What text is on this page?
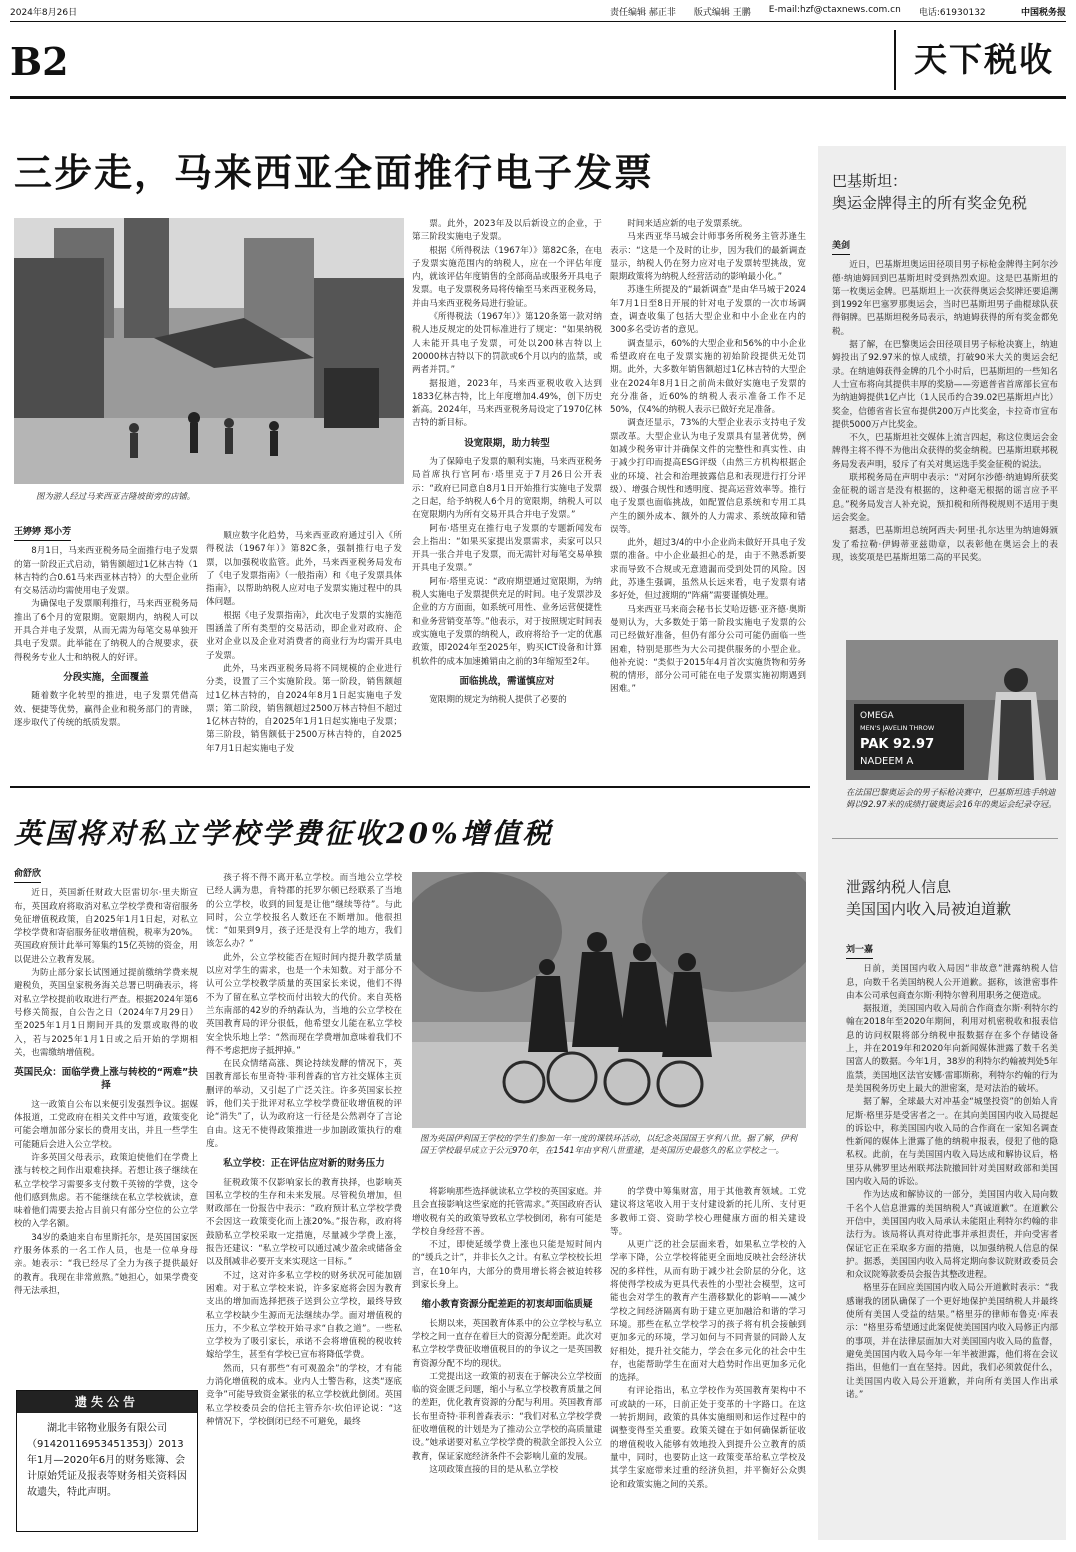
2024年8月26日	责任编辑 郝正非 版式编辑 王鹏 E-mail:hzf@ctaxnews.com.cn 电话:61930132	中国税务报
B2	天下税收
三步走，马来西亚全面推行电子发票
图为游人经过马来西亚吉隆坡街旁的店铺。
王婷婷 郑小芳

8月1日，马来西亚税务局全面推行电子发票的第一阶段正式启动，销售额超过1亿林吉特（1林吉特约合0.61马来西亚林吉特）的大型企业所有交易活动均需使用电子发票。

为确保电子发票顺利推行，马来西亚税务局推出了6个月的宽限期。宽限期内，纳税人可以开具合并电子发票，从而无需为每笔交易单独开具电子发票。此举能在了纳税人的合规要求，获得税务专业人士和纳税人的好评。

分段实施，全面覆盖

随着数字化转型的推进，电子发票凭借高效、便捷等优势，赢得企业和税务部门的青睐，逐步取代了传统的纸质发票。

顺应数字化趋势，马来西亚政府通过引入《所得税法（1967年）》第82C条，强制推行电子发票，以加强税收监管。此外，马来西亚税务局发布了《电子发票指南》（一般指南）和《电子发票具体指南》，以帮助纳税人应对电子发票实施过程中的具体问题。

根据《电子发票指南》，此次电子发票的实施范围涵盖了所有类型的交易活动，即企业对政府、企业对企业以及企业对消费者的商业行为均需开具电子发票。

此外，马来西亚税务局将不同规模的企业进行分类，设置了三个实施阶段。第一阶段，销售额超过1亿林吉特的，自2024年8月1日起实施电子发票；第二阶段，销售额超过2500万林吉特但不超过1亿林吉特的，自2025年1月1日起实施电子发票；第三阶段，销售额低于2500万林吉特的，自2025年7月1日起实施电子发

票。此外，2023年及以后新设立的企业，于第三阶段实施电子发票。

根据《所得税法（1967年）》第82C条，在电子发票实施范围内的纳税人，应在一个评估年度内，就该评估年度销售的全部商品或服务开具电子发票。电子发票税务局将传输至马来西亚税务局，并由马来西亚税务局进行验证。

《所得税法（1967年）》第120条第一款对纳税人违反规定的处罚标准进行了规定：“如果纳税人未能开具电子发票，可处以200林吉特以上20000林吉特以下的罚款或6个月以内的监禁，或两者并罚。”

据报道，2023年，马来西亚税收收入达到1833亿林吉特，比上年度增加4.49%，创下历史新高。2024年，马来西亚税务局设定了1970亿林吉特的新目标。

设宽限期，助力转型

为了保障电子发票的顺利实施，马来西亚税务局首席执行官阿布·塔里克于7月26日公开表示：“政府已同意自8月1日开始推行实施电子发票之日起，给予纳税人6个月的宽限期，纳税人可以在宽限期内为所有交易开具合并电子发票。”

阿布·塔里克在推行电子发票的专题新闻发布会上指出：“如果买家提出发票需求，卖家可以只开具一张合并电子发票，而无需针对每笔交易单独开具电子发票。”

阿布·塔里克说：“政府期望通过宽限期，为纳税人实施电子发票提供充足的时间。电子发票涉及企业的方方面面，如系统可用性、业务运营便捷性和业务营销变革等。”他表示，对于按照规定时间表或实施电子发票的纳税人，政府将给予一定的优惠政策，即2024年至2025年，购买ICT设备和计算机软件的成本加速摊销由之前的3年缩短至2年。

面临挑战，需谨慎应对

宽限期的规定为纳税人提供了必要的

时间来适应新的电子发票系统。

马来西亚华马城会计师事务所税务主管苏逢生表示：“这是一个及时的让步，因为我们的最新调查显示，纳税人仍在努力应对电子发票转型挑战，宽限期政策将为纳税人经营活动的影响最小化。”

苏逢生所提及的“最新调查”是由华马城于2024年7月1日至8日开展的针对电子发票的一次市场调查，调查收集了包括大型企业和中小企业在内的300多名受访者的意见。

调查显示，60%的大型企业和56%的中小企业希望政府在电子发票实施的初始阶段提供无处罚期。此外，大多数年销售额超过1亿林吉特的大型企业在2024年8月1日之前尚未做好实施电子发票的充分准备，近60%的纳税人表示准备工作不足50%，仅4%的纳税人表示已做好充足准备。

调查还显示，73%的大型企业表示支持电子发票改革。大型企业认为电子发票具有显著优势，例如减少税务审计并确保文件的完整性和真实性、由于减少打印而提高ESG评级（由然三方机构根据企业的环境、社会和治理披露信息和表现进行打分评级）、增强合规性和透明度、提高运营效率等。推行电子发票也面临挑战，如配置信息系统和专用工具产生的额外成本、额外的人力需求、系统故障和错误等。

此外，超过3/4的中小企业尚未做好开具电子发票的准备。中小企业最担心的是，由于不熟悉新要求而导致不合规或无意遗漏而受到处罚的风险。因此，苏逢生强调，虽然从长远来看，电子发票有诸多好处，但过渡期的“阵痛”需要谨慎处理。

马来西亚马来商会秘书长艾哈迈德·亚齐德·奥斯曼则认为，大多数处于第一阶段实施电子发票的公司已经做好准备，但仍有部分公司可能仍面临一些困难，特别是那些为大公司提供服务的小型企业。他补充说：“类似于2015年4月首次实施货物和劳务税的情形，部分公司可能在电子发票实施初期遇到困难。”

英国将对私立学校学费征收20%增值税
俞舒欣

近日，英国新任财政大臣雷切尔·里夫斯宣布，英国政府将取消对私立学校学费和寄宿服务免征增值税政策，自2025年1月1日起，对私立学校学费和寄宿服务征收增值税，税率为20%。英国政府预计此举可筹集约15亿英镑的资金，用以促进公立教育发展。

为防止部分家长试图通过提前缴纳学费来规避税负，英国皇家税务海关总署已明确表示，将对私立学校提前收取进行严查。根据2024年第6号修关简报，自公告之日（2024年7月29日）至2025年1月1日期间开具的发票或取得的收入，若与2025年1月1日或之后开始的学期相关，也需缴纳增值税。

英国民众：面临学费上涨与转校的“两难”抉择

这一政策自公布以来便引发强烈争议。据媒体报道，工党政府在相关文件中写道，政策变化可能会增加部分家长的费用支出，并且一些学生可能随后会进入公立学校。

许多英国父母表示，政策迫使他们在学费上涨与转校之间作出艰难抉择。若想让孩子继续在私立学校学习需要多支付数千英镑的学费，这令他们感到焦虑。若不能继续在私立学校就读，意味着他们需要去抢占目前只有部分空位的公立学校的入学名额。

34岁的桑迪来自布里斯托尔，是英国国家医疗服务体系的一名工作人员，也是一位单身母亲。她表示：“我已经尽了全力为孩子提供最好的教育。我现在非常煎熬。”她担心，如果学费变得无法承担，

遗失公告
湖北丰铭物业服务有限公司（91420116953451353J）2013年1月—2020年6月的财务账簿、会计原始凭证及报表等财务相关资料因故遗失，特此声明。

孩子将不得不离开私立学校。而当地公立学校已经人满为患，肯特郡的托罗尔顿已经联系了当地的公立学校，收到的回复是让他“继续等待”。与此同时，公立学校报名人数还在不断增加。他很担忧：“如果到9月，孩子还是没有上学的地方，我们该怎么办？”

此外，公立学校能否在短时间内提升教学质量以应对学生的需求，也是一个未知数。对于部分不认可公立学校教学质量的英国家长来说，他们不得不为了留在私立学校而付出较大的代价。来自英格兰东南部的42岁的乔纳森认为，当地的公立学校在英国教育局的评分很低，他希望女儿能在私立学校安全快乐地上学：“然而现在学费增加意味着我们不得不考虑把房子抵押掉。”

在民众情绪高涨、舆论持续发酵的情况下，英国教育部长布里奇特·菲利普森的官方社交媒体主页删评的举动，又引起了广泛关注。许多英国家长控诉，他们关于批评对私立学校学费征收增值税的评论“消失”了，认为政府这一行径是公然剥夺了言论自由。这无不使得政策推进一步加剧政策执行的难度。

私立学校：正在评估应对新的财务压力

征税政策不仅影响家长的教育抉择，也影响英国私立学校的生存和未来发展。尽管税负增加，但财政部在一份报告中表示：“政府预计私立学校学费不会因这一政策变化而上涨20%。”报告称，政府将鼓励私立学校采取一定措施，尽量减少学费上涨，报告还建议：“私立学校可以通过减少盈余或储备金以及削减非必要开支来实现这一目标。”

不过，这对许多私立学校的财务状况可能加剧困难。对于私立学校来说，许多家庭将会因为教育支出的增加而选择把孩子送到公立学校，最终导致私立学校缺少生源而无法继续办学。面对增值税的压力，不少私立学校开始寻求“自救之道”。一些私立学校为了吸引家长，承诺不会将增值税的税收转嫁给学生，甚至有学校已宣布将降低学费。

然而，只有那些“有可观盈余”的学校，才有能力消化增值税的成本。业内人士警告称，这类“逐底竞争”可能导致资金紧张的私立学校就此倒闭。英国私立学校委员会的信托主管乔尔·坎伯评论说：“这种情况下，学校倒闭已经不可避免，最终

图为英国伊利国王学校的学生们参加一年一度的课铁环活动，以纪念英国国王亨利八世。据了解，伊利国王学校最早成立于公元970年，在1541年由亨利八世重建，是英国历史最悠久的私立学校之一。

将影响那些选择就读私立学校的英国家庭。并且会直接影响这些家庭的托管需求。”英国政府否认增收税有关的政策导致私立学校倒闭，称有可能是学校自身经营不善。

不过，即使延缓学费上涨也只能是短时间内的“缓兵之计”，并非长久之计。有私立学校校长坦言，在10年内，大部分的费用增长将会被迫转移到家长身上。

缩小教育资源分配差距的初衷却面临质疑

长期以来，英国教育体系中的公立学校与私立学校之间一直存在着巨大的资源分配差距。此次对私立学校学费征收增值税目的的争议之一是英国教育资源分配不均的现状。

工党提出这一政策的初衷在于解决公立学校面临的资金匮乏问题，缩小与私立学校教育质量之间的差距，优化教育资源的分配与利用。英国教育部长布里奇特·菲利普森表示：“我们对私立学校学费征收增值税的计划是为了推动公立学校的高质量建设。”她承诺要对私立学校学费的税款全部投入公立教育，保证家庭经济条件不会影响儿童的发展。

这项政策直接的目的是从私立学校

的学费中筹集财富，用于其他教育领域。工党建议将这笔收入用于支付建设新的托儿所、支付更多教师工资、资助学校心理健康方面的相关建设等。

从更广泛的社会层面来看，如果私立学校的入学率下降，公立学校将能更全面地反映社会经济状况的多样性，从而有助于减少社会阶层的分化，这将使得学校成为更具代表性的小型社会模型，这可能也会对学生的教育产生潜移默化的影响——减少学校之间经济隔离有助于建立更加融洽和谐的学习环境。那些在私立学校学习的孩子将有机会接触到更加多元的环境，学习如何与不同背景的同龄人友好相处，提升社交能力，学会在多元化的社会中生存，也能帮助学生在面对大趋势时作出更加多元化的选择。

有评论指出，私立学校作为英国教育架构中不可或缺的一环，日前正处于变革的十字路口。在这一转折期间，政策的具体实施细则和运作过程中的调整变得至关重要。政策关键在于如何确保新征收的增值税收入能够有效地投入到提升公立教育的质量中，同时，也要防止这一政策变革给私立学校及其学生家庭带来过重的经济负担，并平衡好公众舆论和政策实施之间的关系。

巴基斯坦：
奥运金牌得主的所有奖金免税
美剑

近日，巴基斯坦奥运田径项目男子标枪金牌得主阿尔沙德·纳迪姆回到巴基斯坦时受到热烈欢迎。这是巴基斯坦的第一枚奥运金牌。巴基斯坦上一次获得奥运会奖牌还要追溯到1992年巴塞罗那奥运会，当时巴基斯坦男子曲棍球队获得铜牌。巴基斯坦税务局表示，纳迪姆获得的所有奖金都免税。

据了解，在巴黎奥运会田径项目男子标枪决赛上，纳迪姆投出了92.97米的惊人成绩，打破90米大关的奥运会纪录。在纳迪姆获得金牌的几个小时后，巴基斯坦的一些知名人士宣布将向其提供丰厚的奖励——旁遮普省首席部长宣布为纳迪姆提供1亿卢比（1人民币约合39.02巴基斯坦卢比）奖金，信德省省长宣布提供200万卢比奖金，卡拉奇市宣布提供5000万卢比奖金。

不久，巴基斯坦社交媒体上流言四起，称这位奥运会金牌得主将不得不为他出众获得的奖金纳税。巴基斯坦联邦税务局发表声明，驳斥了有关对奥运选手奖金征税的说法。

联邦税务局在声明中表示：“对阿尔沙德·纳迪姆所获奖金征税的谣言是没有根据的，这种毫无根据的谣言应予平息。”税务局发言人补充说，预扣税和所得税规则不适用于奥运会奖金。

据悉，巴基斯坦总统阿西夫·阿里·扎尔达里为纳迪姆颁发了希拉勒·伊姆蒂亚兹勋章，以表彰他在奥运会上的表现，该奖项是巴基斯坦第二高的平民奖。

OMEGA
MEN'S JAVELIN THROW
PAK 92.97
NADEEM A
在法国巴黎奥运会的男子标枪决赛中，巴基斯坦选手纳迪姆以92.97米的成绩打破奥运会16年的奥运会纪录夺冠。
泄露纳税人信息
美国国内收入局被迫道歉
刘一嘉

日前，美国国内收入局因“非故意”泄露纳税人信息，向数千名美国纳税人公开道歉。据称，该泄密事件由本公司承包商查尔斯·利特尔曾利用职务之便造成。

据报道，美国国内收入局前合作商查尔斯·利特尔约翰在2018年至2020年期间，利用对机密税收和报表信息的访问权限将部分纳税申报数据存在多个存储设备上，并在2019年和2020年向新闻媒体泄露了数千名美国富人的数据。今年1月，38岁的利特尔约翰被判处5年监禁，美国地区法官安娜·雷耶斯称，利特尔约翰的行为是美国税务历史上最大的泄密案，是对法治的破坏。

据了解，全球最大对冲基金“城堡投资”的创始人肯尼斯·格里芬是受害者之一。在其向美国国内收入局提起的诉讼中，称美国国内收入局的合作商在一家知名调查性新闻的媒体上泄露了他的纳税申报表，侵犯了他的隐私权。此前，在与美国国内收入局达成和解协议后，格里芬从佛罗里达州联邦法院撤回针对美国财政部和美国国内收入局的诉讼。

作为达成和解协议的一部分，美国国内收入局向数千名个人信息泄露的美国纳税人“真诚道歉”。在道歉公开信中，美国国内收入局承认未能阻止利特尔约翰的非法行为。该局将认真对待此事并承担责任，并向受害者保证它正在采取多方面的措施，以加强纳税人信息的保护。据悉，美国国内收入局将定期向参议院财政委员会和众议院筹款委员会报告其整改进程。

格里芬在回应美国国内收入局公开道歉时表示：“我感谢我的团队确保了一个更好地保护美国纳税人并最终使所有美国人受益的结果。”格里芬的律师布鲁克·库表示：“格里芬希望通过此案促使美国国内收入局修正内部的事项，并在法律层面加大对美国国内收入局的监督，避免美国国内收入局今年一年半被泄露，他们将在会议指出，但他们一直在坚持。因此，我们必须敦促什么，让美国国内收入局公开道歉，并向所有美国人作出承诺。”
